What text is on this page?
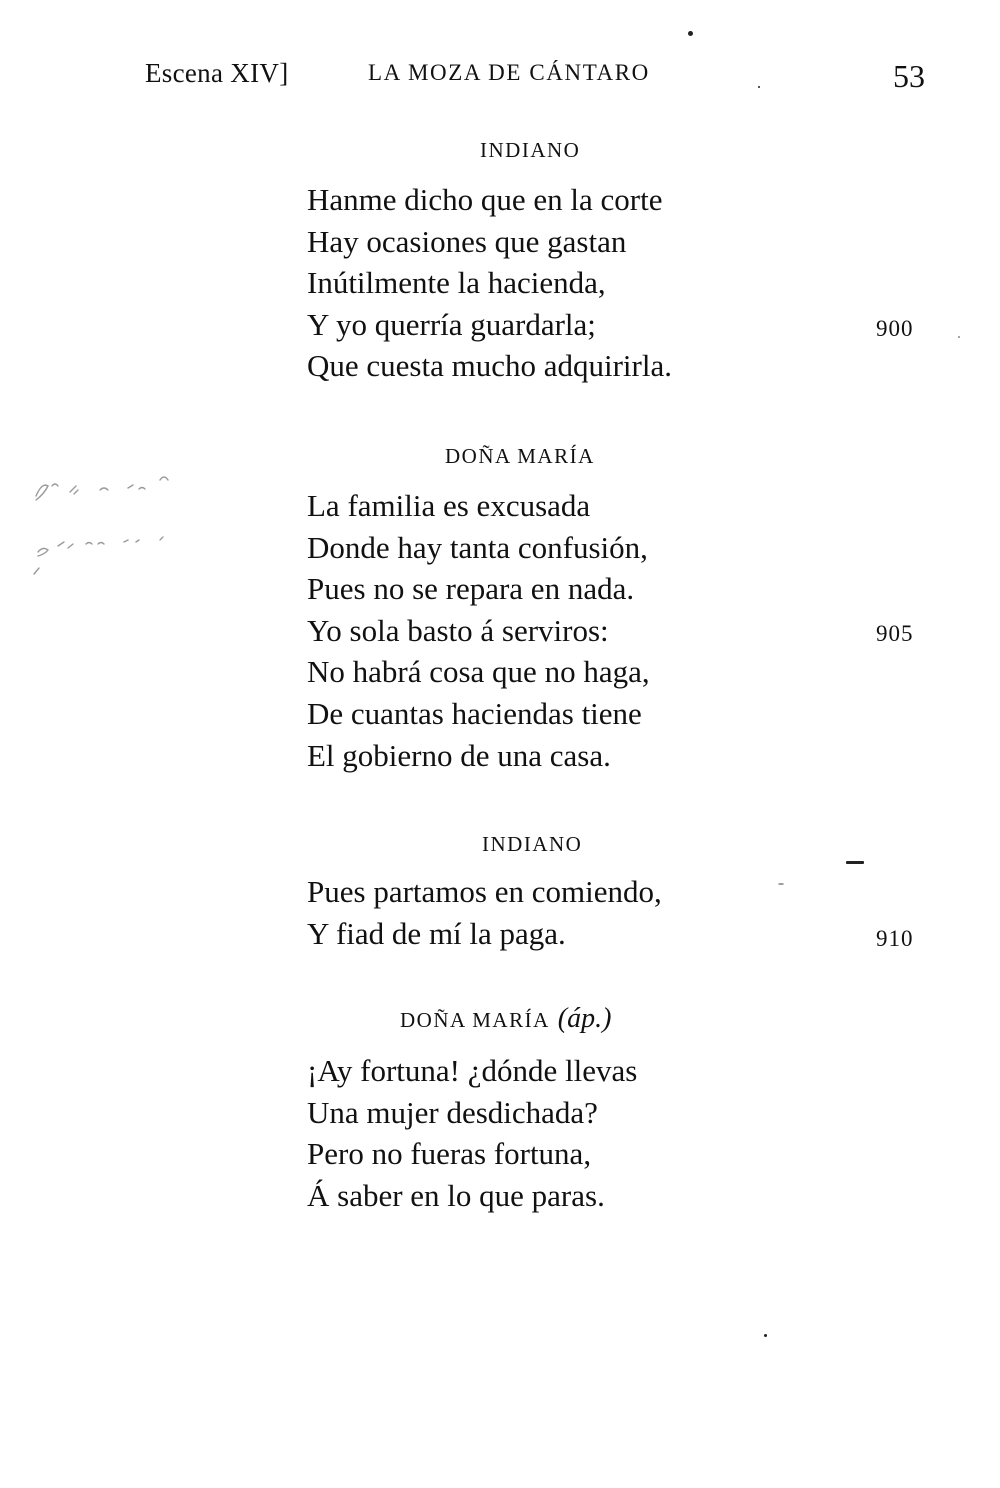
Escena XIV]	LA MOZA DE CÁNTARO	53
INDIANO
Hanme dicho que en la corte
Hay ocasiones que gastan
Inútilmente la hacienda,
Y yo querría guardarla;
Que cuesta mucho adquirirla.
900
DOÑA MARÍA
La familia es excusada
Donde hay tanta confusión,
Pues no se repara en nada.
Yo sola basto á serviros:
No habrá cosa que no haga,
De cuantas haciendas tiene
El gobierno de una casa.
905
INDIANO
Pues partamos en comiendo,
Y fiad de mí la paga.	910
DOÑA MARÍA (áp.)
¡Ay fortuna! ¿dónde llevas
Una mujer desdichada?
Pero no fueras fortuna,
Á saber en lo que paras.
